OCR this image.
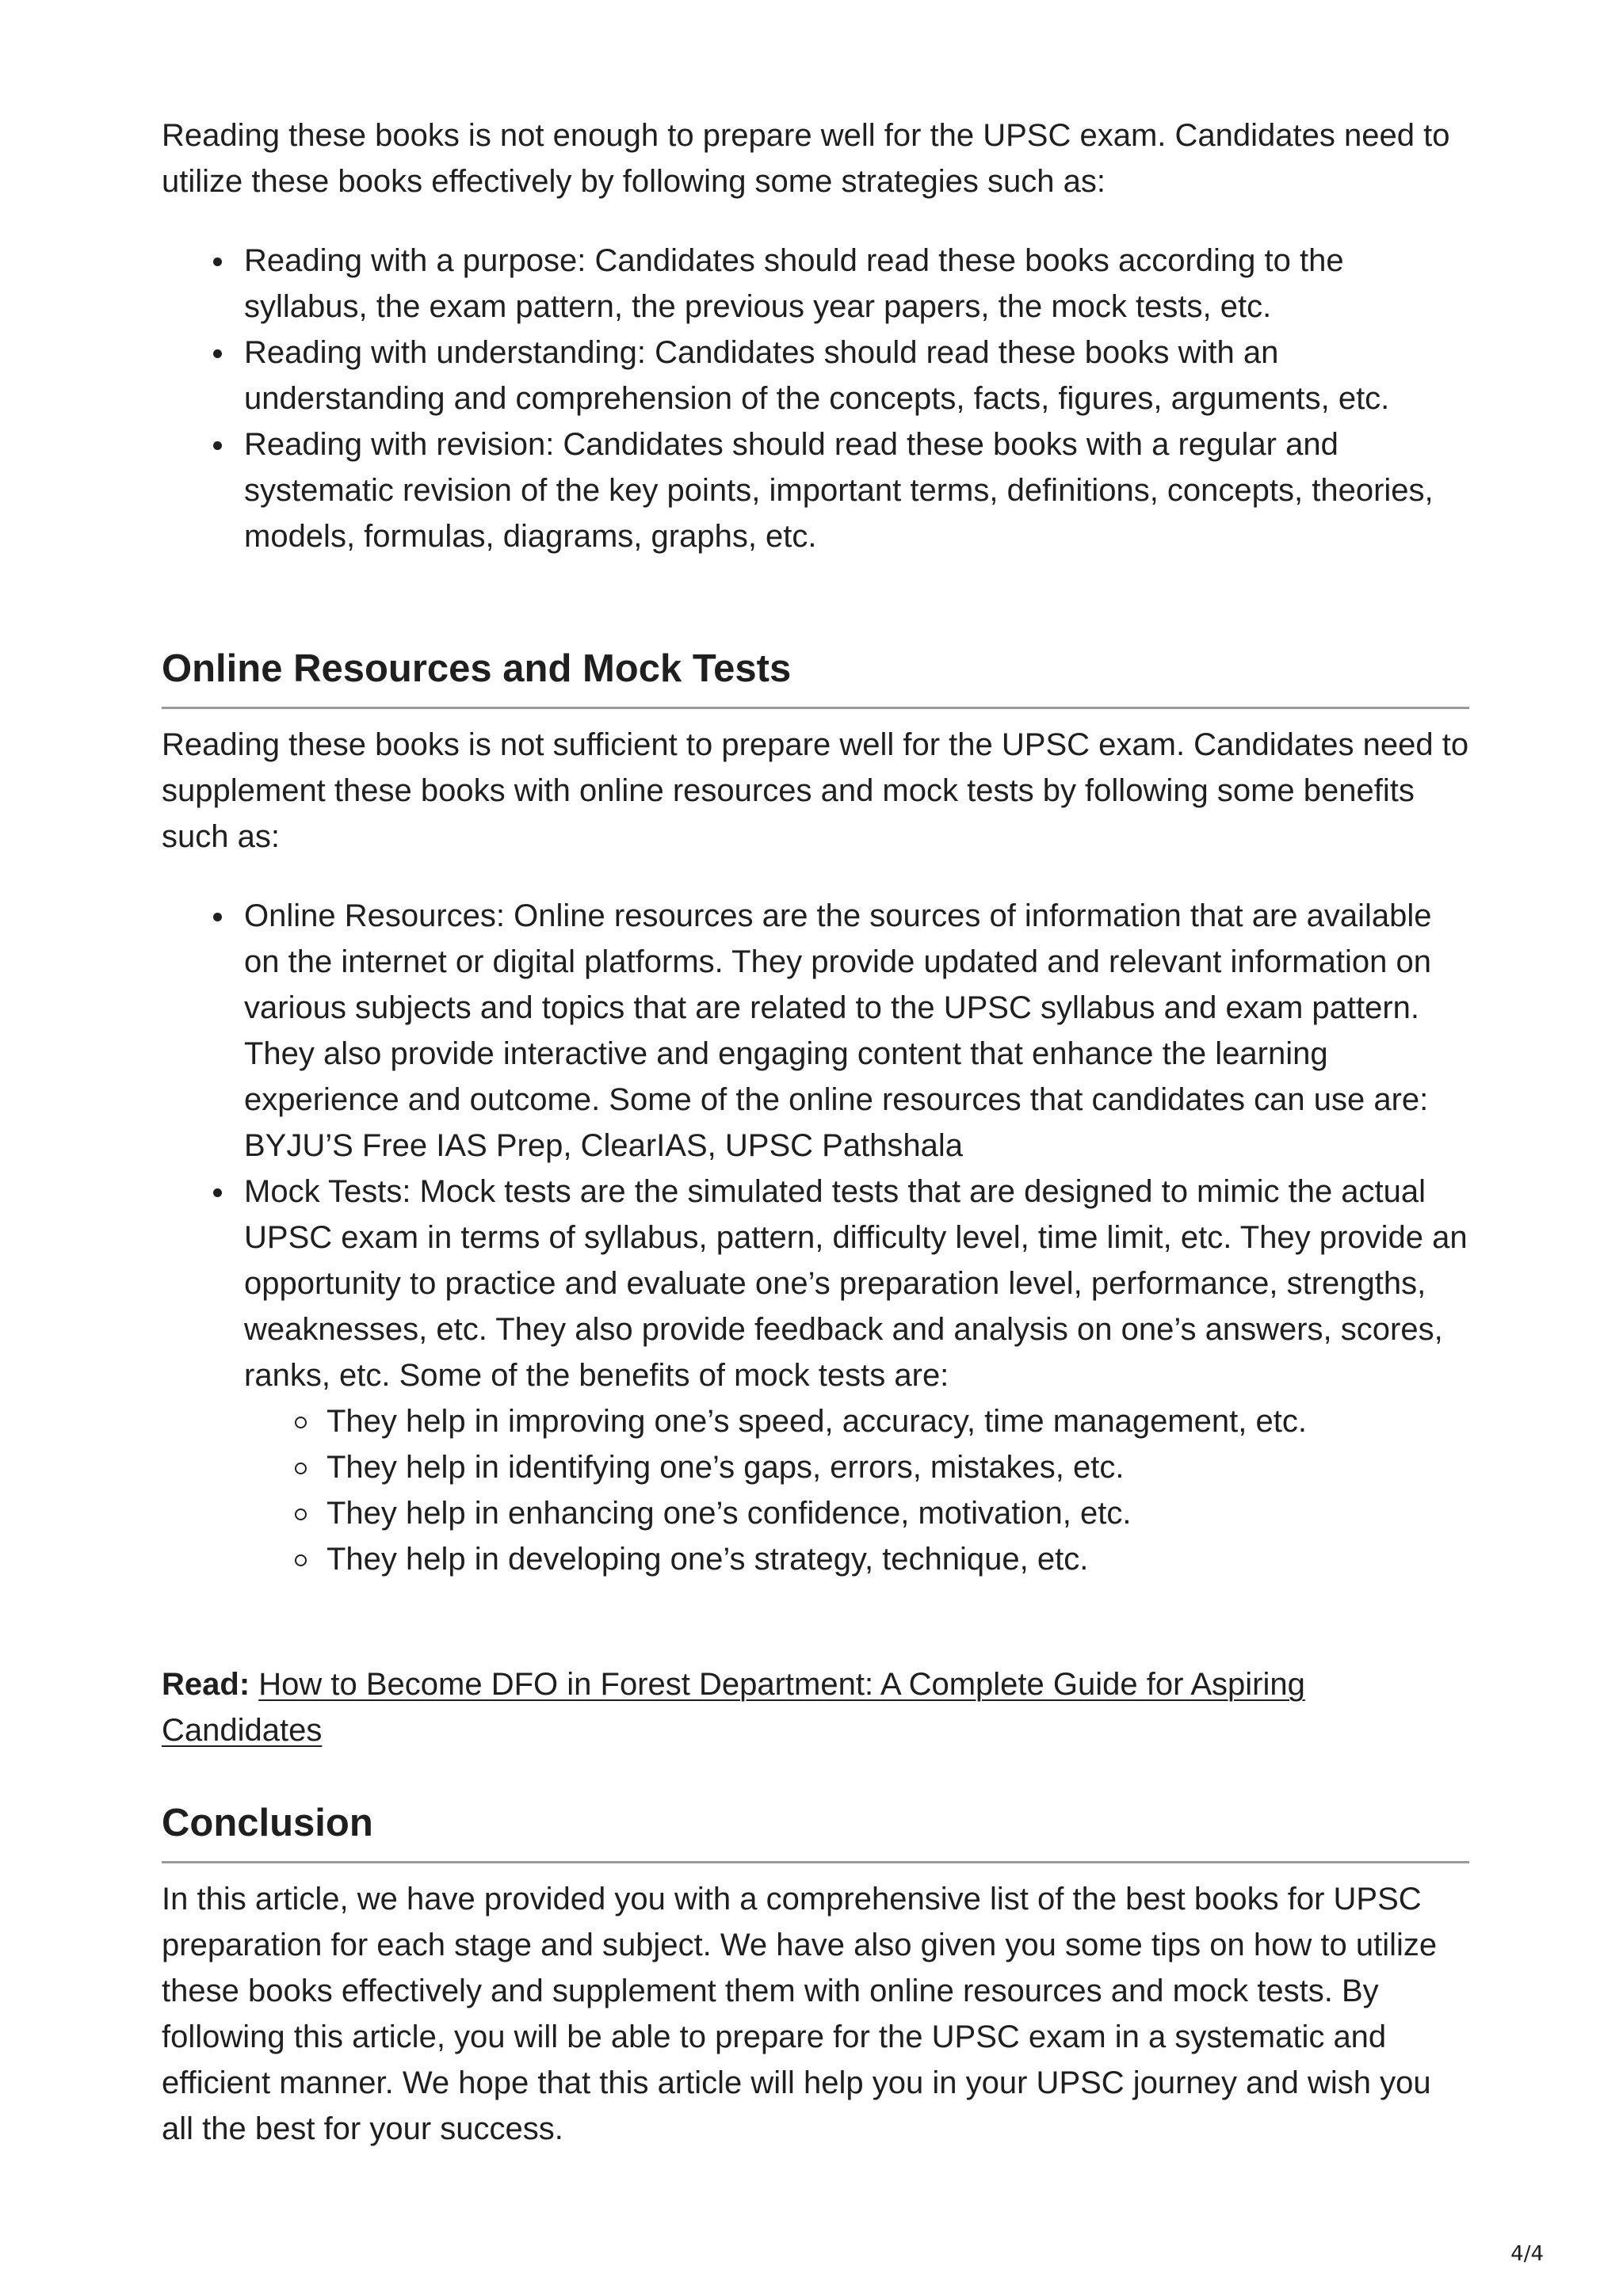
Reading these books is not enough to prepare well for the UPSC exam. Candidates need to utilize these books effectively by following some strategies such as:

Reading with a purpose: Candidates should read these books according to the syllabus, the exam pattern, the previous year papers, the mock tests, etc.
Reading with understanding: Candidates should read these books with an understanding and comprehension of the concepts, facts, figures, arguments, etc.
Reading with revision: Candidates should read these books with a regular and systematic revision of the key points, important terms, definitions, concepts, theories, models, formulas, diagrams, graphs, etc.
Online Resources and Mock Tests

Reading these books is not sufficient to prepare well for the UPSC exam. Candidates need to supplement these books with online resources and mock tests by following some benefits such as:

Online Resources: Online resources are the sources of information that are available on the internet or digital platforms. They provide updated and relevant information on various subjects and topics that are related to the UPSC syllabus and exam pattern. They also provide interactive and engaging content that enhance the learning experience and outcome. Some of the online resources that candidates can use are: BYJU’S Free IAS Prep, ClearIAS, UPSC Pathshala
Mock Tests: Mock tests are the simulated tests that are designed to mimic the actual UPSC exam in terms of syllabus, pattern, difficulty level, time limit, etc. They provide an opportunity to practice and evaluate one’s preparation level, performance, strengths, weaknesses, etc. They also provide feedback and analysis on one’s answers, scores, ranks, etc. Some of the benefits of mock tests are:
They help in improving one’s speed, accuracy, time management, etc.
They help in identifying one’s gaps, errors, mistakes, etc.
They help in enhancing one’s confidence, motivation, etc.
They help in developing one’s strategy, technique, etc.

Read: How to Become DFO in Forest Department: A Complete Guide for Aspiring Candidates

Conclusion

In this article, we have provided you with a comprehensive list of the best books for UPSC preparation for each stage and subject. We have also given you some tips on how to utilize these books effectively and supplement them with online resources and mock tests. By following this article, you will be able to prepare for the UPSC exam in a systematic and efficient manner. We hope that this article will help you in your UPSC journey and wish you all the best for your success.

4/4
